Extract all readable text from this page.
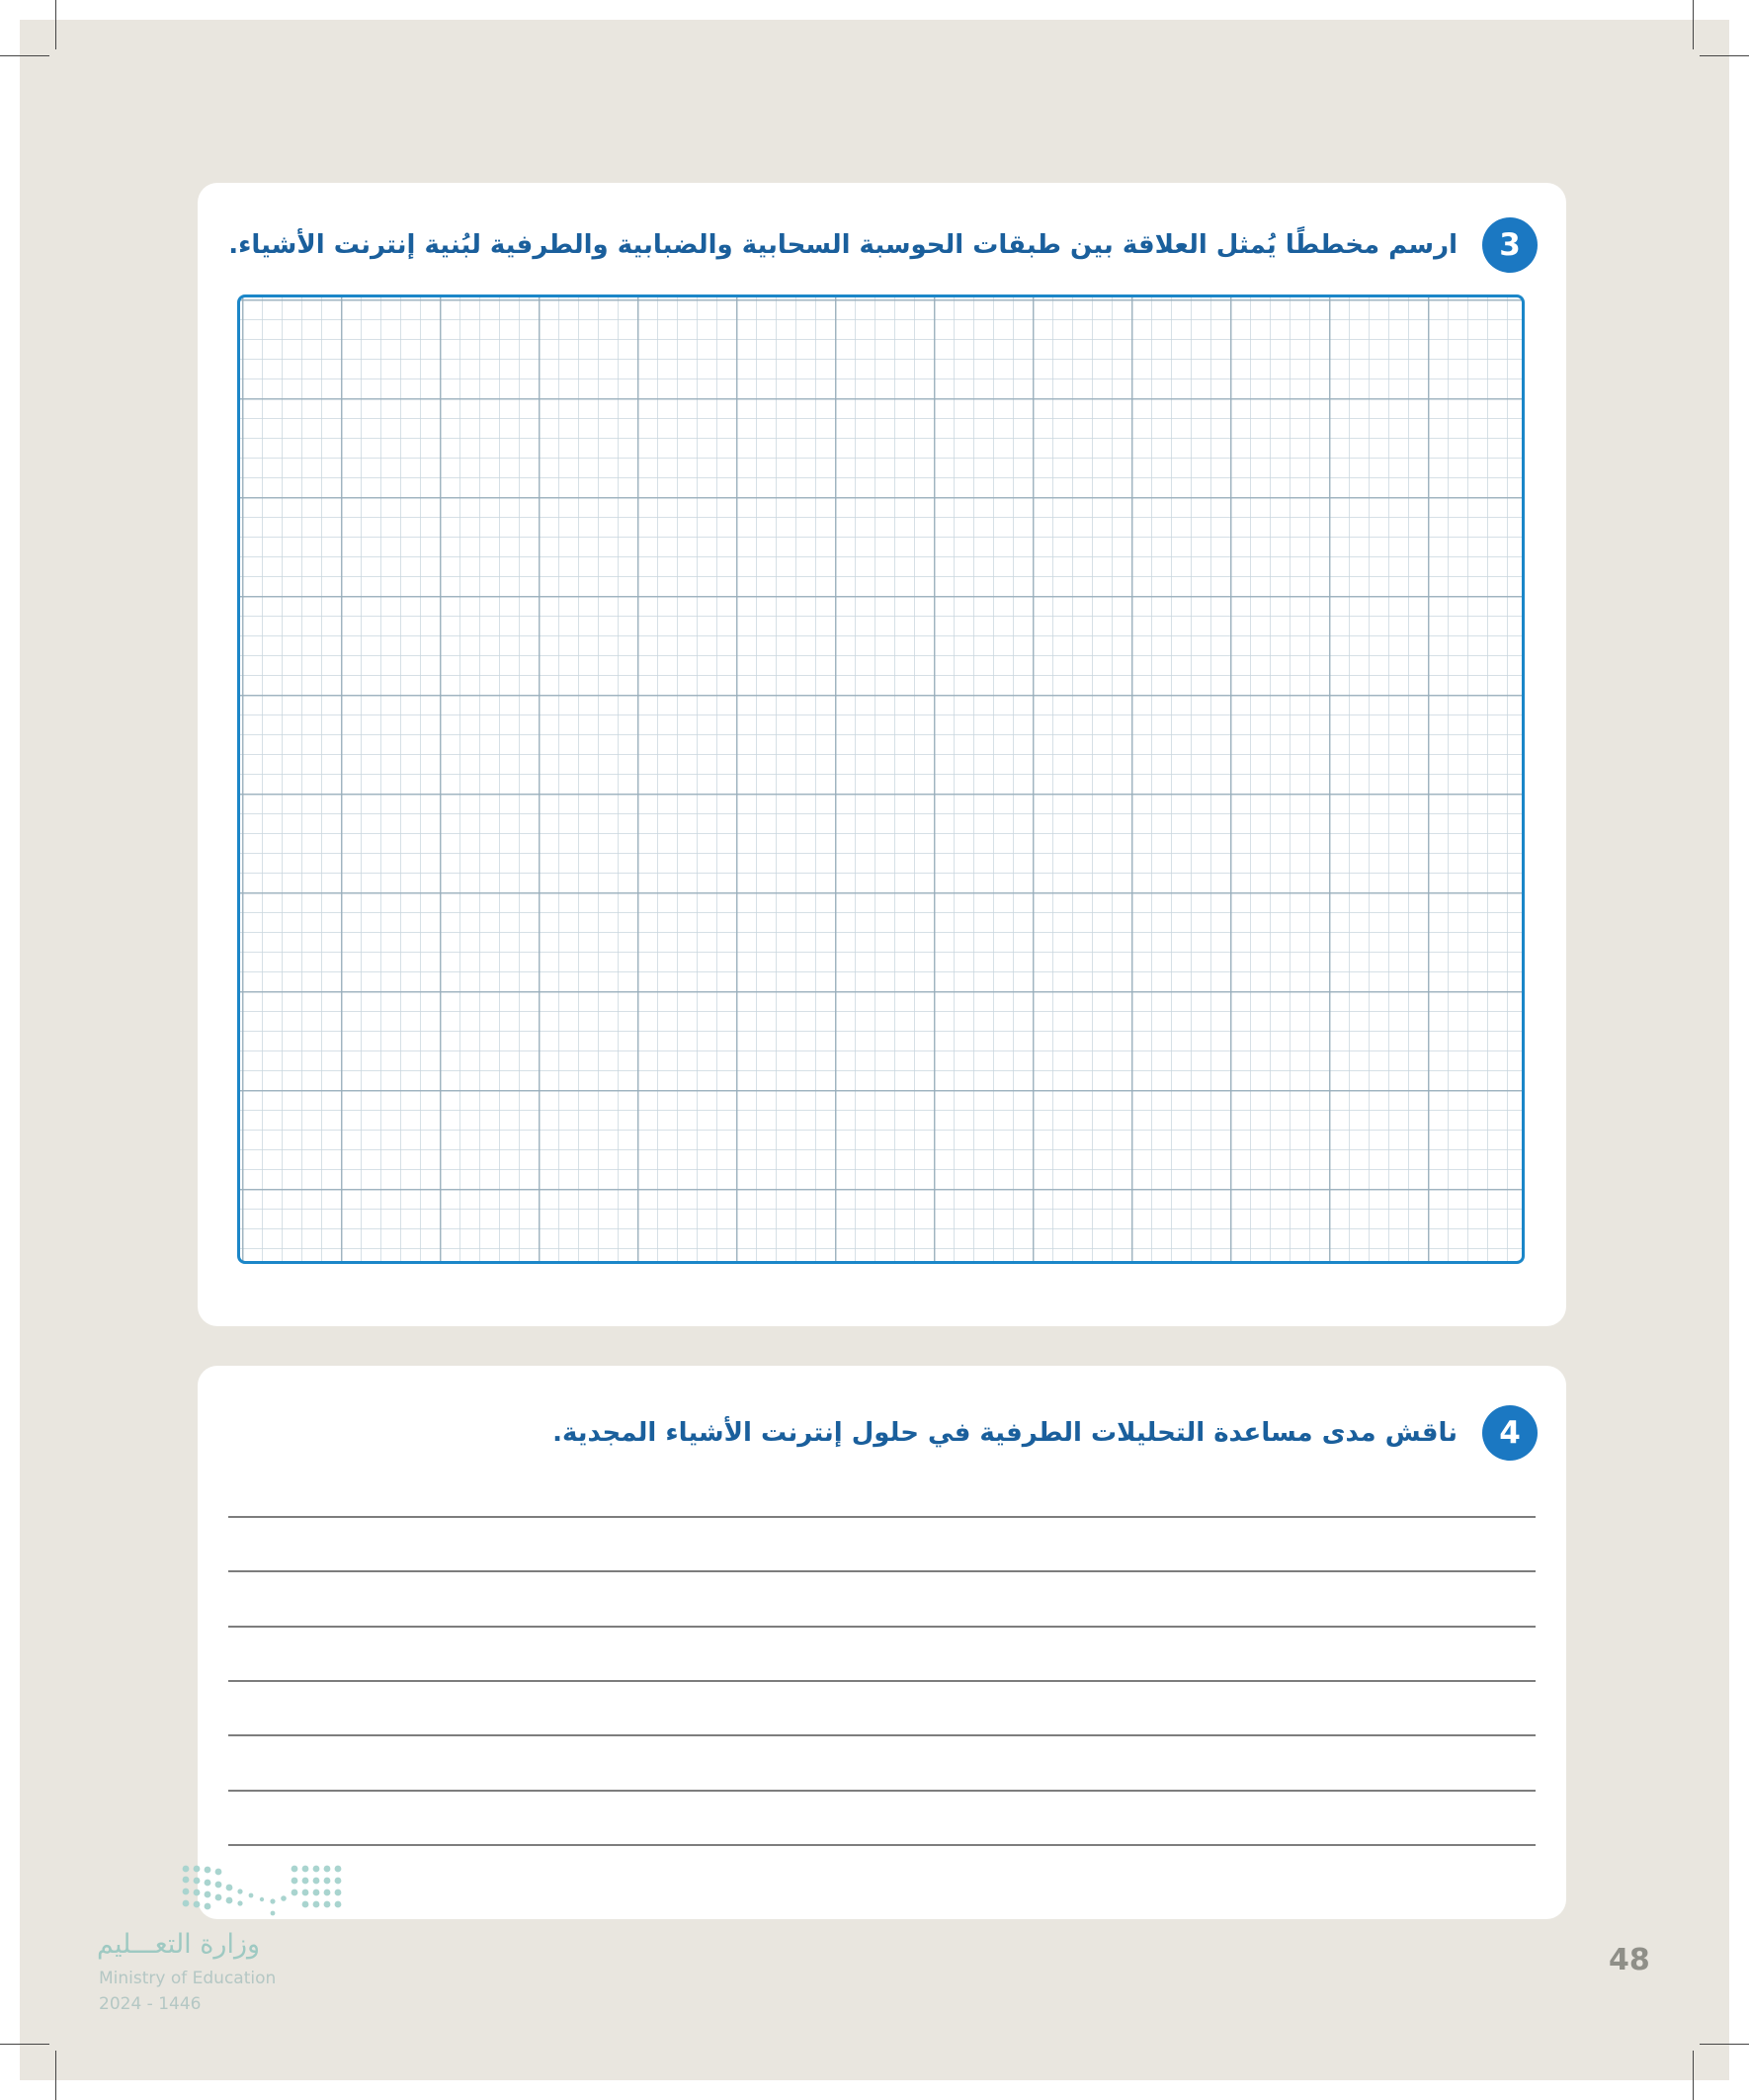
3
ارسم مخططًا يُمثل العلاقة بين طبقات الحوسبة السحابية والضبابية والطرفية لبُنية إنترنت الأشياء.
4
ناقش مدى مساعدة التحليلات الطرفية في حلول إنترنت الأشياء المجدية.
وزارة التعـــليم
Ministry of Education
2024 - 1446
48
